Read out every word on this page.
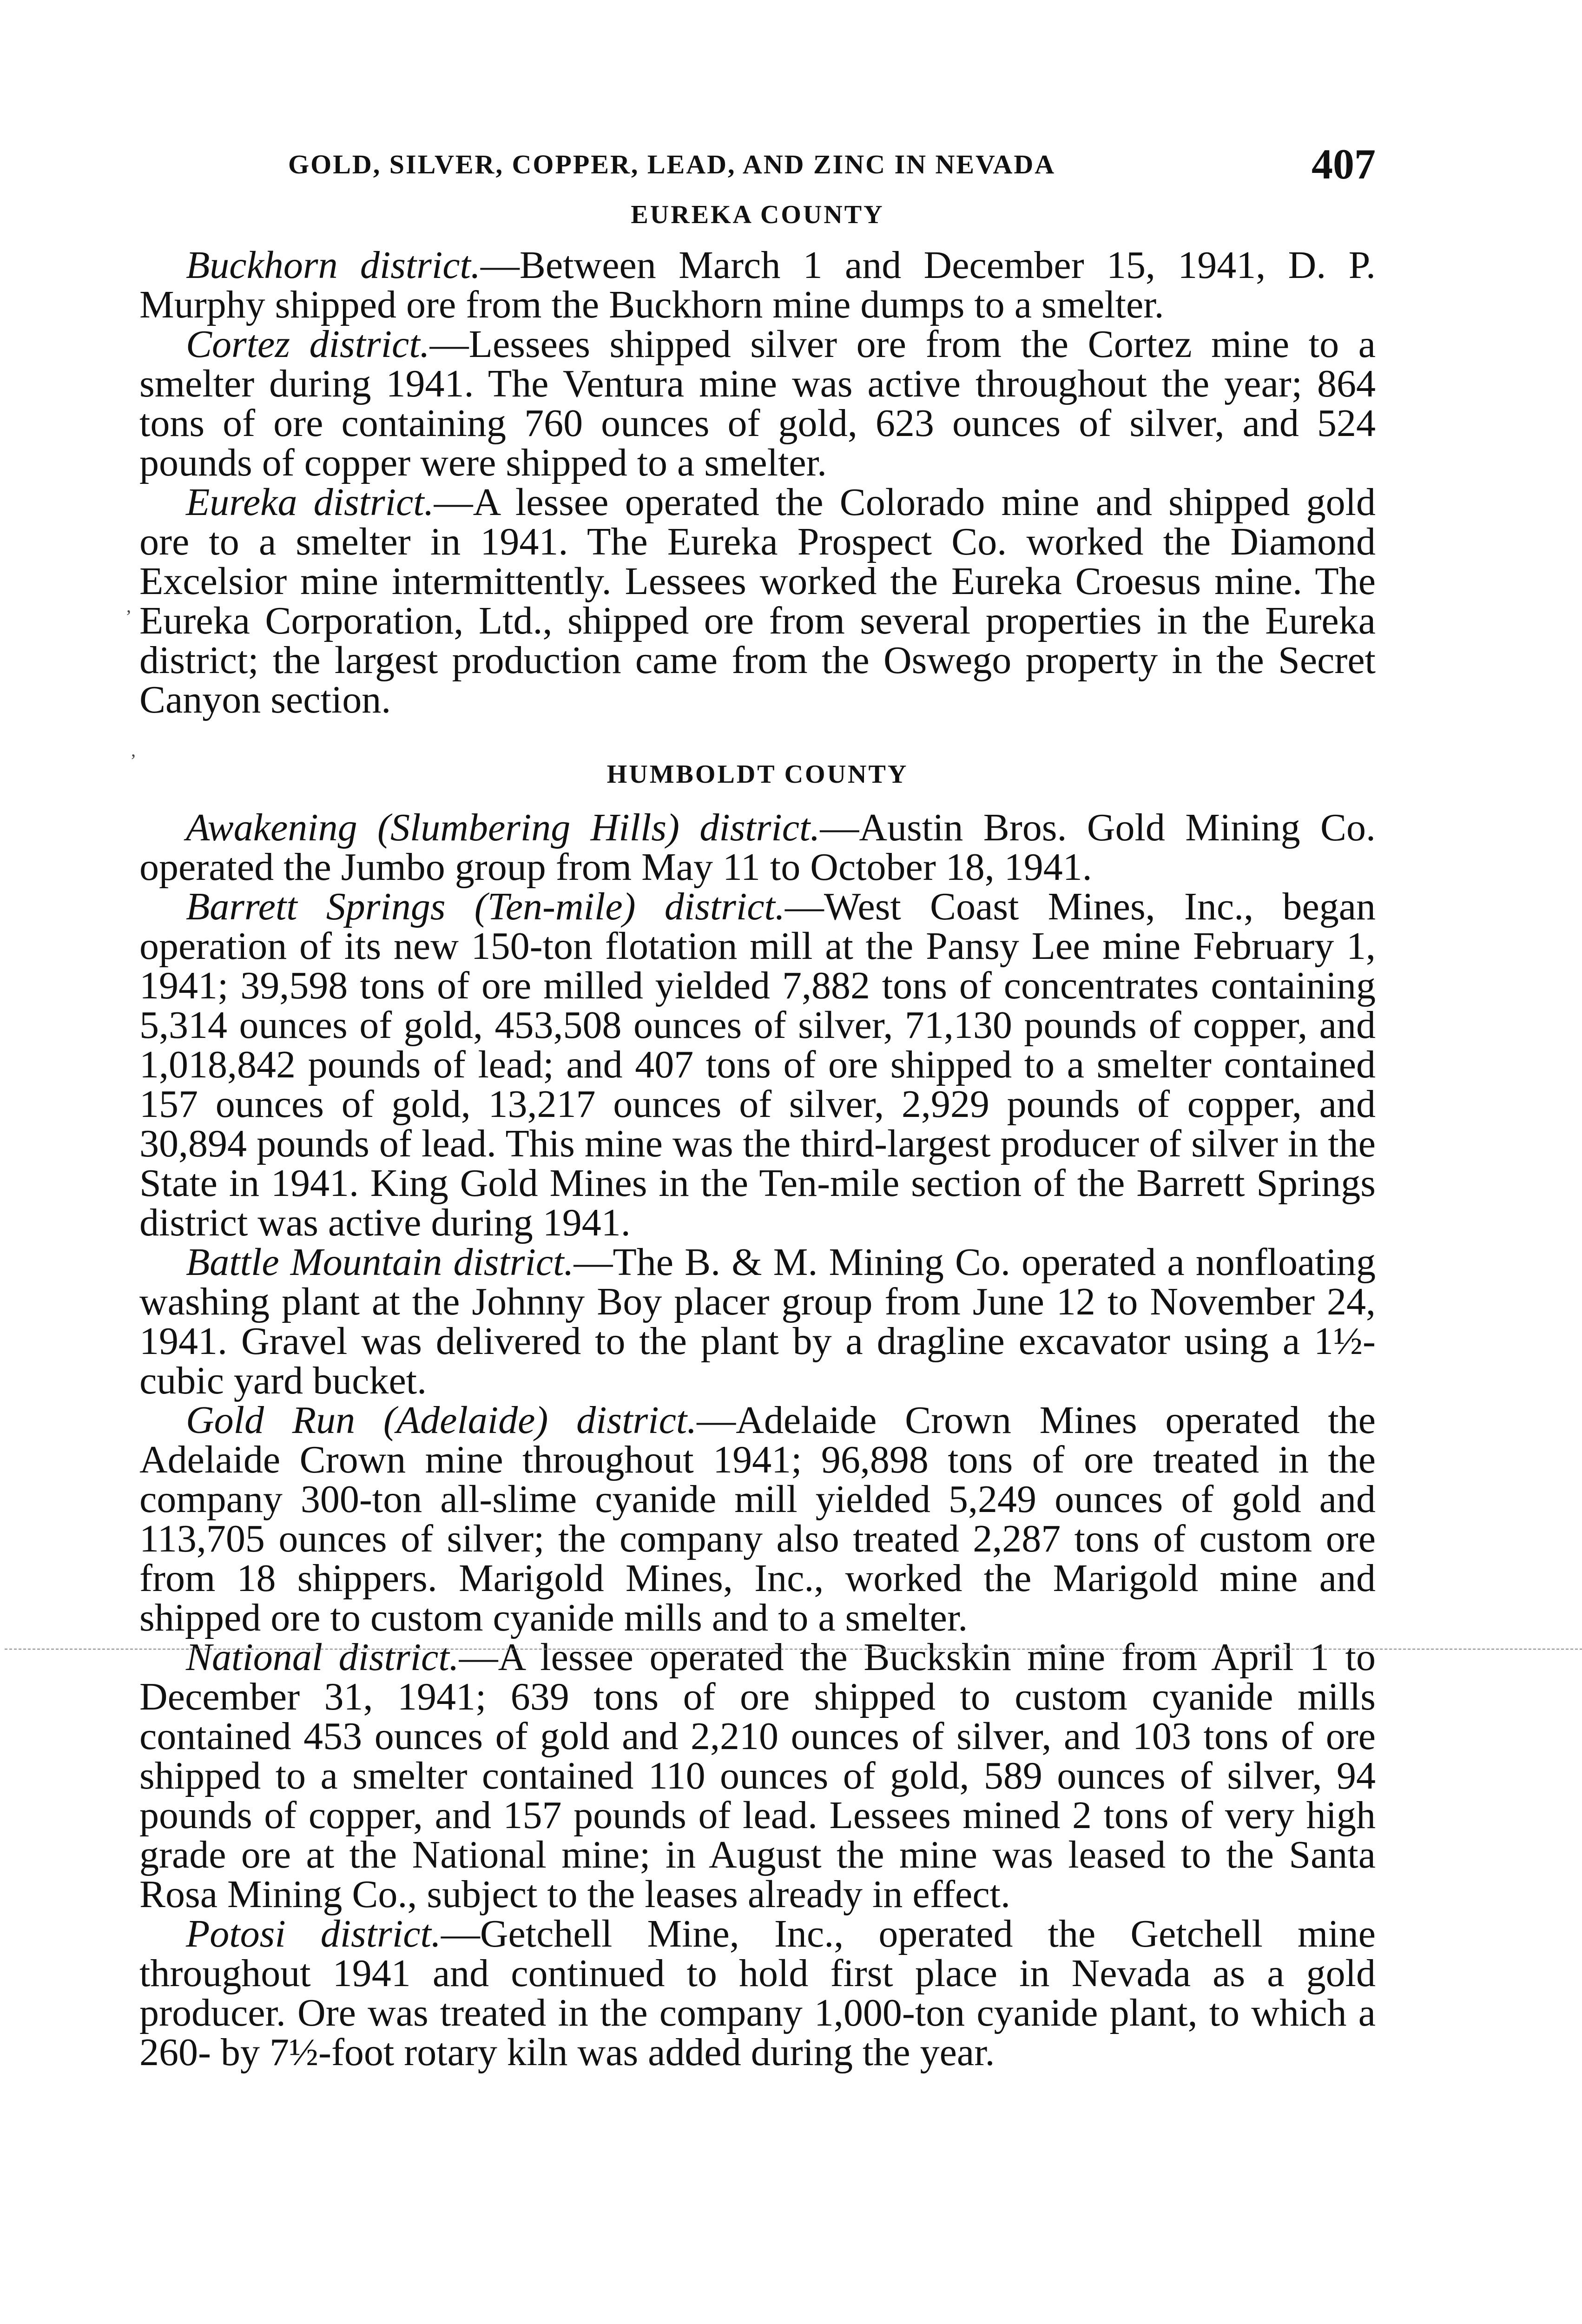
GOLD, SILVER, COPPER, LEAD, AND ZINC IN NEVADA	407
EUREKA COUNTY

Buckhorn district.—Between March 1 and December 15, 1941, D. P. Murphy shipped ore from the Buckhorn mine dumps to a smelter.

Cortez district.—Lessees shipped silver ore from the Cortez mine to a smelter during 1941. The Ventura mine was active throughout the year; 864 tons of ore containing 760 ounces of gold, 623 ounces of silver, and 524 pounds of copper were shipped to a smelter.

Eureka district.—A lessee operated the Colorado mine and shipped gold ore to a smelter in 1941. The Eureka Prospect Co. worked the Diamond Excelsior mine intermittently. Lessees worked the Eureka Croesus mine. The Eureka Corporation, Ltd., shipped ore from several properties in the Eureka district; the largest production came from the Oswego property in the Secret Canyon section.

HUMBOLDT COUNTY

Awakening (Slumbering Hills) district.—Austin Bros. Gold Mining Co. operated the Jumbo group from May 11 to October 18, 1941.

Barrett Springs (Ten-mile) district.—West Coast Mines, Inc., began operation of its new 150-ton flotation mill at the Pansy Lee mine February 1, 1941; 39,598 tons of ore milled yielded 7,882 tons of concentrates containing 5,314 ounces of gold, 453,508 ounces of silver, 71,130 pounds of copper, and 1,018,842 pounds of lead; and 407 tons of ore shipped to a smelter contained 157 ounces of gold, 13,217 ounces of silver, 2,929 pounds of copper, and 30,894 pounds of lead. This mine was the third-largest producer of silver in the State in 1941. King Gold Mines in the Ten-mile section of the Barrett Springs district was active during 1941.

Battle Mountain district.—The B. & M. Mining Co. operated a nonfloating washing plant at the Johnny Boy placer group from June 12 to November 24, 1941. Gravel was delivered to the plant by a dragline excavator using a 1½-cubic yard bucket.

Gold Run (Adelaide) district.—Adelaide Crown Mines operated the Adelaide Crown mine throughout 1941; 96,898 tons of ore treated in the company 300-ton all-slime cyanide mill yielded 5,249 ounces of gold and 113,705 ounces of silver; the company also treated 2,287 tons of custom ore from 18 shippers. Marigold Mines, Inc., worked the Marigold mine and shipped ore to custom cyanide mills and to a smelter.

National district.—A lessee operated the Buckskin mine from April 1 to December 31, 1941; 639 tons of ore shipped to custom cyanide mills contained 453 ounces of gold and 2,210 ounces of silver, and 103 tons of ore shipped to a smelter contained 110 ounces of gold, 589 ounces of silver, 94 pounds of copper, and 157 pounds of lead. Lessees mined 2 tons of very high grade ore at the National mine; in August the mine was leased to the Santa Rosa Mining Co., subject to the leases already in effect.

Potosi district.—Getchell Mine, Inc., operated the Getchell mine throughout 1941 and continued to hold first place in Nevada as a gold producer. Ore was treated in the company 1,000-ton cyanide plant, to which a 260- by 7½-foot rotary kiln was added during the year.

,
,
